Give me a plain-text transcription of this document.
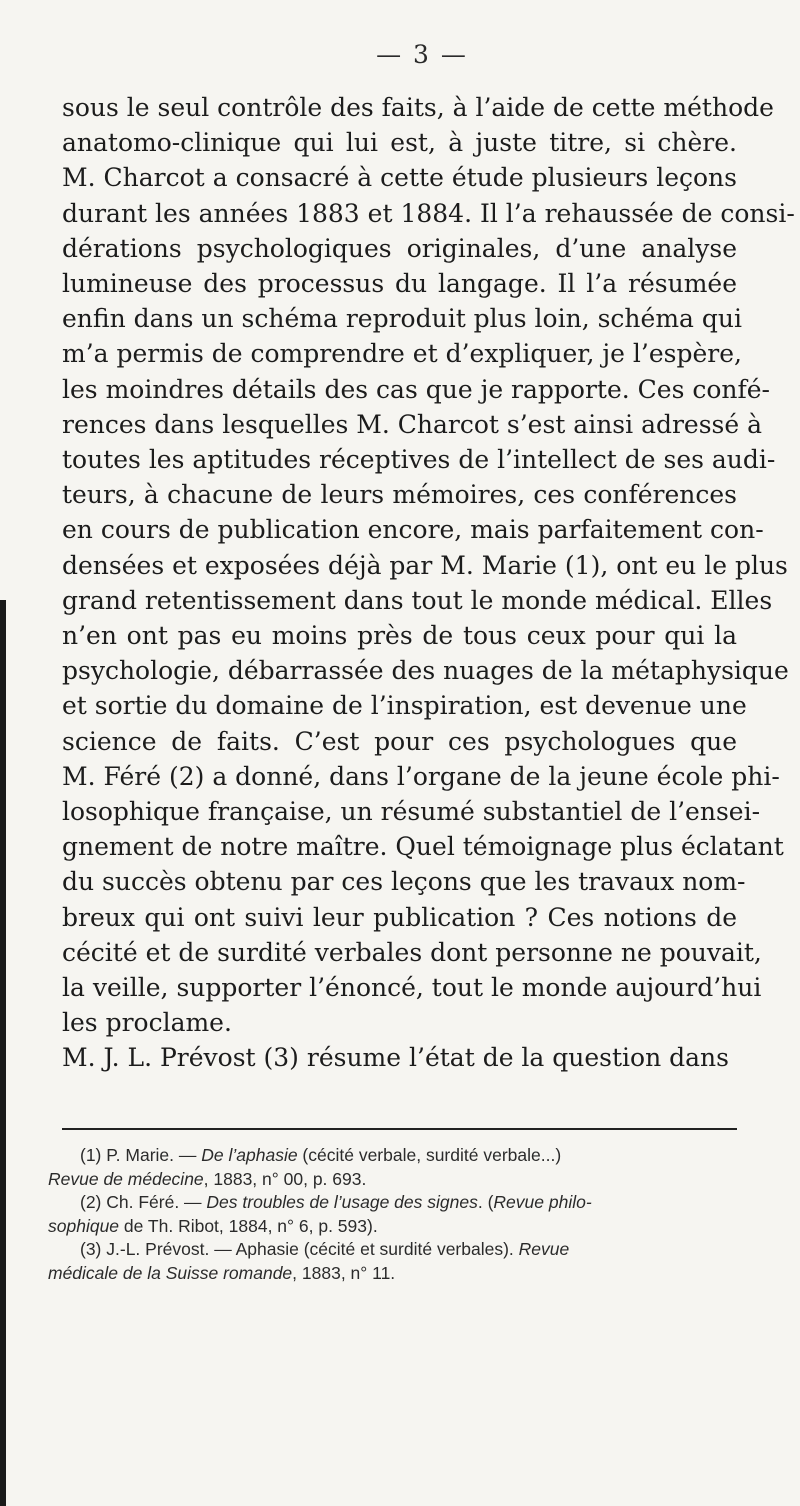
— 3 —
sous le seul contrôle des faits, à l’aide de cette méthode
anatomo-clinique qui lui est, à juste titre, si chère.
M. Charcot a consacré à cette étude plusieurs leçons
durant les années 1883 et 1884. Il l’a rehaussée de consi-
dérations psychologiques originales, d’une analyse
lumineuse des processus du langage. Il l’a résumée
enfin dans un schéma reproduit plus loin, schéma qui
m’a permis de comprendre et d’expliquer, je l’espère,
les moindres détails des cas que je rapporte. Ces confé-
rences dans lesquelles M. Charcot s’est ainsi adressé à
toutes les aptitudes réceptives de l’intellect de ses audi-
teurs, à chacune de leurs mémoires, ces conférences
en cours de publication encore, mais parfaitement con-
densées et exposées déjà par M. Marie (1), ont eu le plus
grand retentissement dans tout le monde médical. Elles
n’en ont pas eu moins près de tous ceux pour qui la
psychologie, débarrassée des nuages de la métaphysique
et sortie du domaine de l’inspiration, est devenue une
science de faits. C’est pour ces psychologues que
M. Féré (2) a donné, dans l’organe de la jeune école phi-
losophique française, un résumé substantiel de l’ensei-
gnement de notre maître. Quel témoignage plus éclatant
du succès obtenu par ces leçons que les travaux nom-
breux qui ont suivi leur publication ? Ces notions de
cécité et de surdité verbales dont personne ne pouvait,
la veille, supporter l’énoncé, tout le monde aujourd’hui
les proclame.
M. J. L. Prévost (3) résume l’état de la question dans
(1) P. Marie. — De l’aphasie (cécité verbale, surdité verbale...)
Revue de médecine, 1883, n° 00, p. 693.
(2) Ch. Féré. — Des troubles de l’usage des signes. (Revue philo-
sophique de Th. Ribot, 1884, n° 6, p. 593).
(3) J.-L. Prévost. — Aphasie (cécité et surdité verbales). Revue
médicale de la Suisse romande, 1883, n° 11.
